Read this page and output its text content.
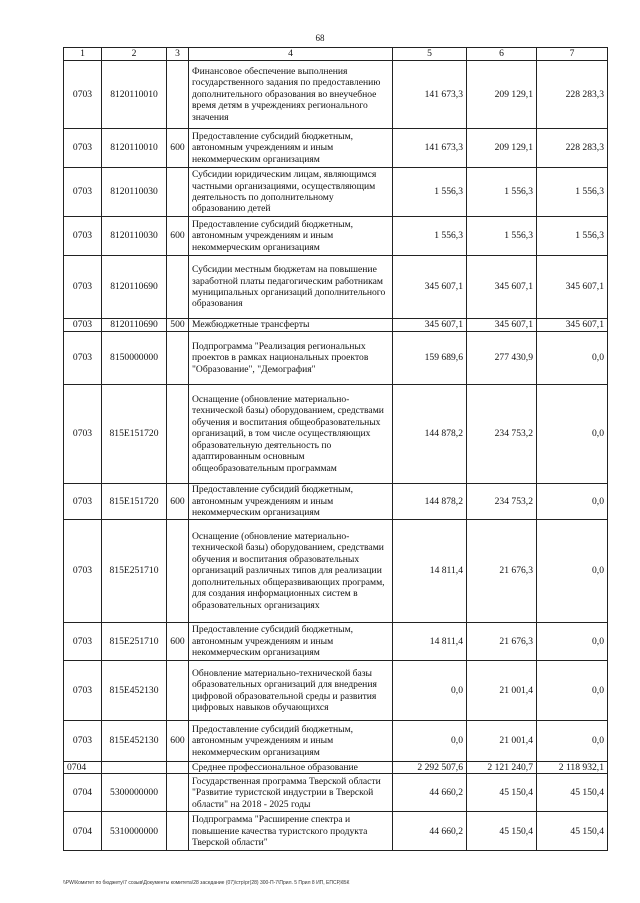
68
1	2	3	4	5	6	7
0703	8120110010		Финансовое обеспечение выполнения государственного задания по предоставлению дополнительного образования во внеучебное время детям в учреждениях регионального значения	141 673,3	209 129,1	228 283,3
0703	8120110010	600	Предоставление субсидий бюджетным, автономным учреждениям и иным некоммерческим организациям	141 673,3	209 129,1	228 283,3
0703	8120110030		Субсидии юридическим лицам, являющимся частными организациями, осуществляющим деятельность по дополнительному образованию детей	1 556,3	1 556,3	1 556,3
0703	8120110030	600	Предоставление субсидий бюджетным, автономным учреждениям и иным некоммерческим организациям	1 556,3	1 556,3	1 556,3
0703	8120110690		Субсидии местным бюджетам на повышение заработной платы педагогическим работникам муниципальных организаций дополнительного образования	345 607,1	345 607,1	345 607,1
0703	8120110690	500	Межбюджетные трансферты	345 607,1	345 607,1	345 607,1
0703	8150000000		Подпрограмма "Реализация региональных проектов в рамках национальных проектов "Образование", "Демография"	159 689,6	277 430,9	0,0
0703	815E151720		Оснащение (обновление материально-технической базы) оборудованием, средствами обучения и воспитания общеобразовательных организаций, в том числе осуществляющих образовательную деятельность по адаптированным основным общеобразовательным программам	144 878,2	234 753,2	0,0
0703	815E151720	600	Предоставление субсидий бюджетным, автономным учреждениям и иным некоммерческим организациям	144 878,2	234 753,2	0,0
0703	815E251710		Оснащение (обновление материально-технической базы) оборудованием, средствами обучения и воспитания образовательных организаций различных типов для реализации дополнительных общеразвивающих программ, для создания информационных систем в образовательных организациях	14 811,4	21 676,3	0,0
0703	815E251710	600	Предоставление субсидий бюджетным, автономным учреждениям и иным некоммерческим организациям	14 811,4	21 676,3	0,0
0703	815E452130		Обновление материально-технической базы образовательных организаций для внедрения цифровой образовательной среды и развития цифровых навыков обучающихся	0,0	21 001,4	0,0
0703	815E452130	600	Предоставление субсидий бюджетным, автономным учреждениям и иным некоммерческим организациям	0,0	21 001,4	0,0
0704			Среднее профессиональное образование	2 292 507,6	2 121 240,7	2 118 932,1
0704	5300000000		Государственная программа Тверской области "Развитие туристской индустрии в Тверской области" на 2018 - 2025 годы	44 660,2	45 150,4	45 150,4
0704	5310000000		Подпрограмма "Расширение спектра и повышение качества туристского продукта Тверской области"	44 660,2	45 150,4	45 150,4
\\PW\Комитет по бюджету\7 созыв\Документы комитета\28 заседание (07)\стр\рг(28) 300-П-7\Прил. 5 Прил 8 ИП, ЕПСР,КБК
